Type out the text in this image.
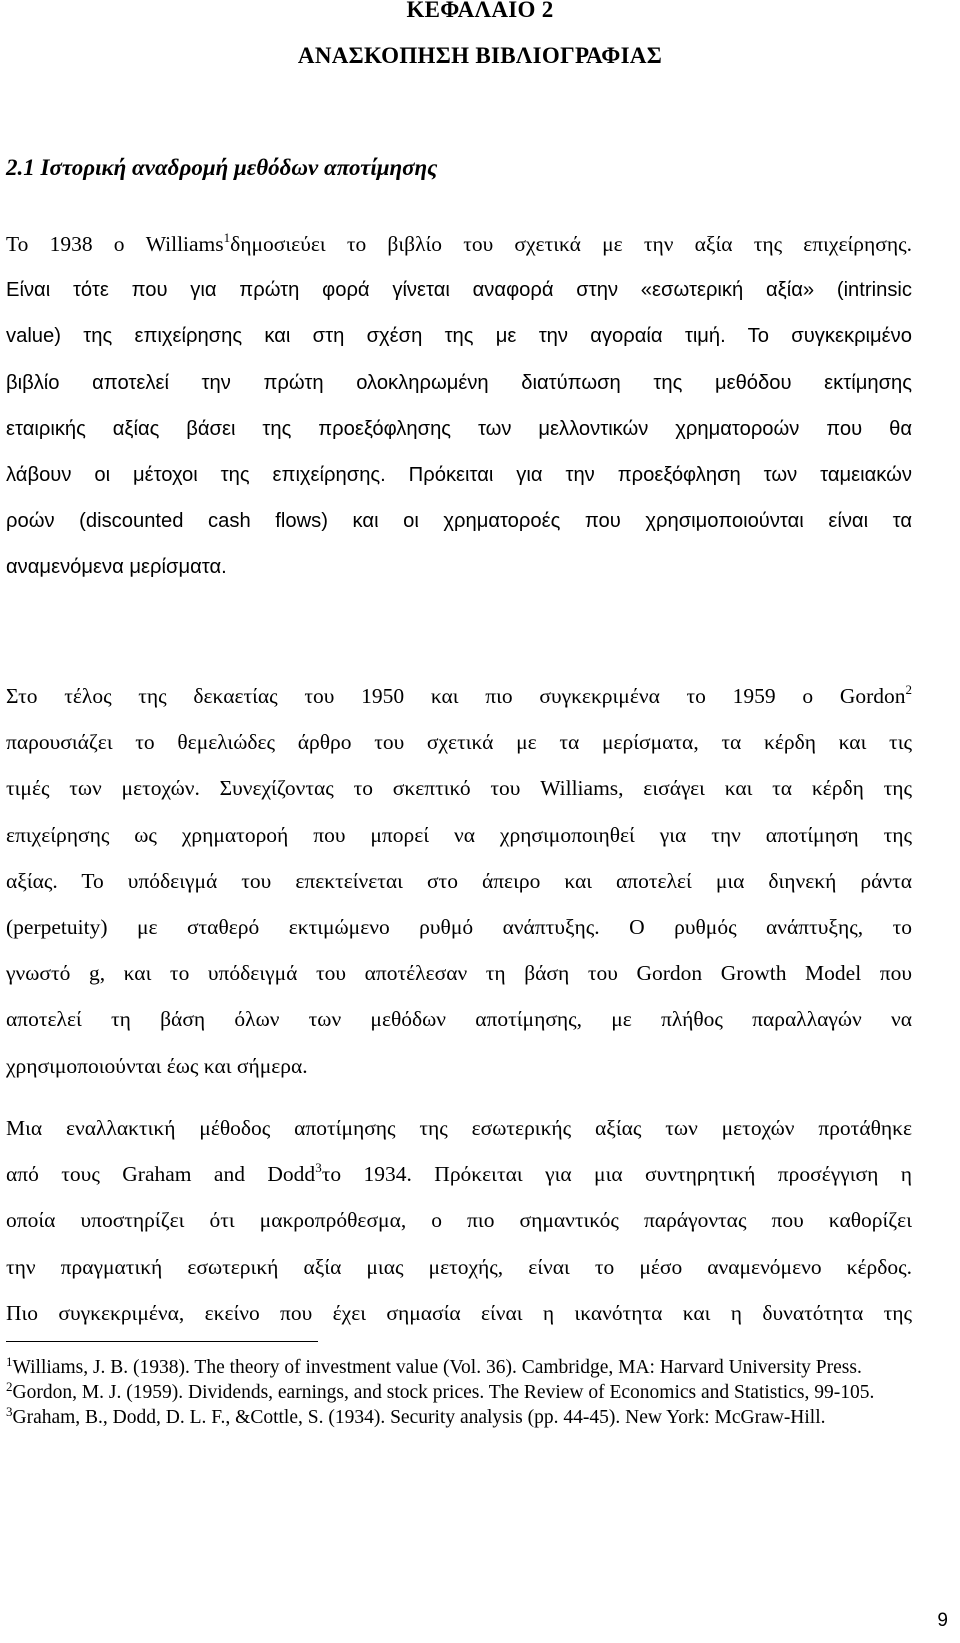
ΚΕΦΑΛΑΙΟ 2
ΑΝΑΣΚΟΠΗΣΗ ΒΙΒΛΙΟΓΡΑΦΙΑΣ
2.1 Ιστορική αναδρομή μεθόδων αποτίμησης
Το 1938 ο Williams$^1$δημοσιεύει το βιβλίο του σχετικά με την αξία της επιχείρησης.
Είναι τότε που για πρώτη φορά γίνεται αναφορά στην «εσωτερική αξία» (intrinsic
value) της επιχείρησης και στη σχέση της με την αγοραία τιμή. Το συγκεκριμένο
βιβλίο αποτελεί την πρώτη ολοκληρωμένη διατύπωση της μεθόδου εκτίμησης
εταιρικής αξίας βάσει της προεξόφλησης των μελλοντικών χρηματοροών που θα
λάβουν οι μέτοχοι της επιχείρησης. Πρόκειται για την προεξόφληση των ταμειακών
ροών (discounted cash flows) και οι χρηματοροές που χρησιμοποιούνται είναι τα
αναμενόμενα μερίσματα.
Στο τέλος της δεκαετίας του 1950 και πιο συγκεκριμένα το 1959 ο Gordon$^2$
παρουσιάζει το θεμελιώδες άρθρο του σχετικά με τα μερίσματα, τα κέρδη και τις
τιμές των μετοχών. Συνεχίζοντας το σκεπτικό του Williams, εισάγει και τα κέρδη της
επιχείρησης ως χρηματοροή που μπορεί να χρησιμοποιηθεί για την αποτίμηση της
αξίας. Το υπόδειγμά του επεκτείνεται στο άπειρο και αποτελεί μια διηνεκή ράντα
(perpetuity) με σταθερό εκτιμώμενο ρυθμό ανάπτυξης. Ο ρυθμός ανάπτυξης, το
γνωστό g, και το υπόδειγμά του αποτέλεσαν τη βάση του Gordon Growth Model που
αποτελεί τη βάση όλων των μεθόδων αποτίμησης, με πλήθος παραλλαγών να
χρησιμοποιούνται έως και σήμερα.
Μια εναλλακτική μέθοδος αποτίμησης της εσωτερικής αξίας των μετοχών προτάθηκε
από τους Graham and Dodd$^3$το 1934. Πρόκειται για μια συντηρητική προσέγγιση η
οποία υποστηρίζει ότι μακροπρόθεσμα, ο πιο σημαντικός παράγοντας που καθορίζει
την πραγματική εσωτερική αξία μιας μετοχής, είναι το μέσο αναμενόμενο κέρδος.
Πιο συγκεκριμένα, εκείνο που έχει σημασία είναι η ικανότητα και η δυνατότητα της
$^1$Williams, J. B. (1938). The theory of investment value (Vol. 36). Cambridge, MA: Harvard University Press.
$^2$Gordon, M. J. (1959). Dividends, earnings, and stock prices. The Review of Economics and Statistics, 99-105.
$^3$Graham, B., Dodd, D. L. F., &Cottle, S. (1934). Security analysis (pp. 44-45). New York: McGraw-Hill.
9
